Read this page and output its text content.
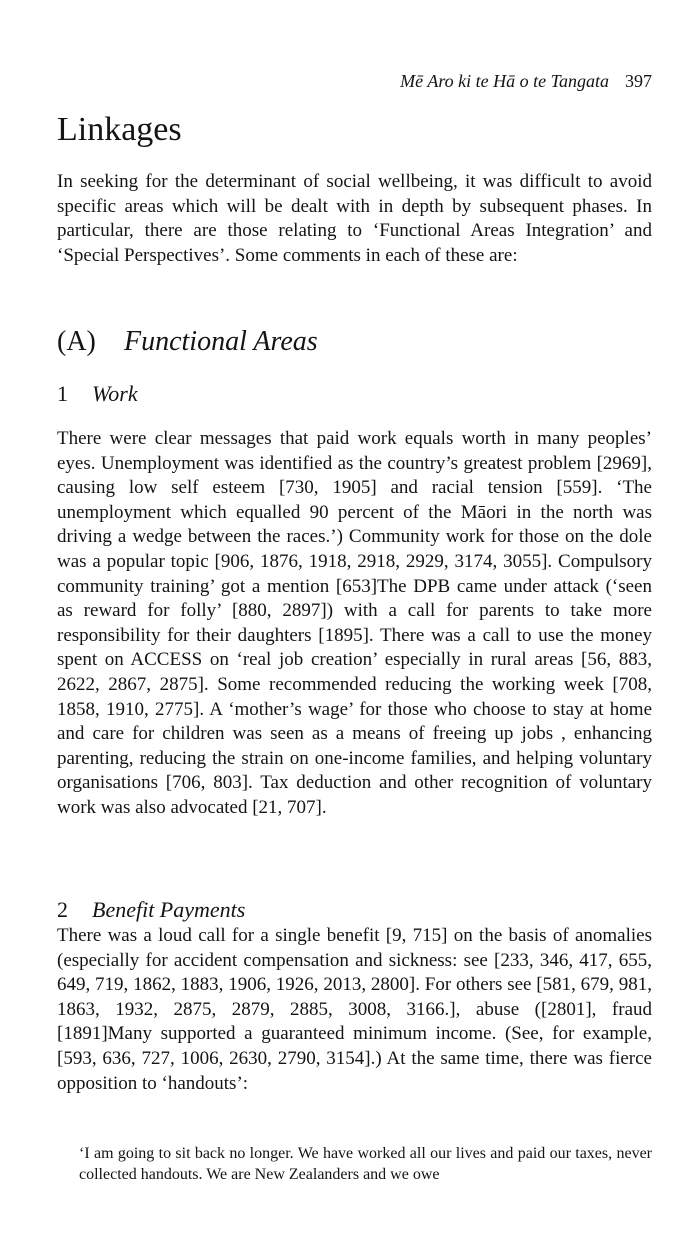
Mē Aro ki te Hā o te Tangata 397
Linkages

In seeking for the determinant of social wellbeing, it was difficult to avoid specific areas which will be dealt with in depth by subsequent phases. In particular, there are those relating to ‘Functional Areas Integration’ and ‘Special Perspectives’. Some comments in each of these are:

(A) Functional Areas
1 Work

There were clear messages that paid work equals worth in many peoples’ eyes. Unemployment was identified as the country’s greatest problem [2969], causing low self esteem [730, 1905] and racial tension [559]. ‘The unemployment which equalled 90 percent of the Māori in the north was driving a wedge between the races.’) Community work for those on the dole was a popular topic [906, 1876, 1918, 2918, 2929, 3174, 3055]. Compulsory community training’ got a mention [653]The DPB came under attack (‘seen as reward for folly’ [880, 2897]) with a call for parents to take more responsibility for their daughters [1895]. There was a call to use the money spent on ACCESS on ‘real job creation’ especially in rural areas [56, 883, 2622, 2867, 2875]. Some recommended reducing the working week [708, 1858, 1910, 2775]. A ‘mother’s wage’ for those who choose to stay at home and care for children was seen as a means of freeing up jobs , enhancing parenting, reducing the strain on one-income families, and helping voluntary organisations [706, 803]. Tax deduction and other recognition of voluntary work was also advocated [21, 707].

2 Benefit Payments

There was a loud call for a single benefit [9, 715] on the basis of anomalies (especially for accident compensation and sickness: see [233, 346, 417, 655, 649, 719, 1862, 1883, 1906, 1926, 2013, 2800]. For others see [581, 679, 981, 1863, 1932, 2875, 2879, 2885, 3008, 3166.], abuse ([2801], fraud [1891]Many supported a guaranteed minimum income. (See, for example, [593, 636, 727, 1006, 2630, 2790, 3154].) At the same time, there was fierce opposition to ‘handouts’:

‘I am going to sit back no longer. We have worked all our lives and paid our taxes, never collected handouts. We are New Zealanders and we owe
